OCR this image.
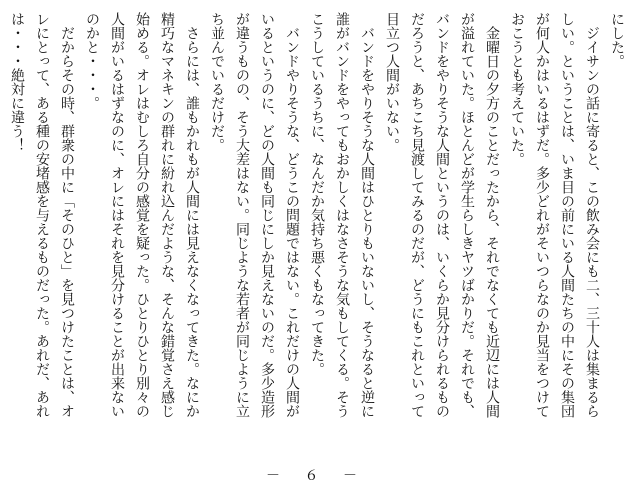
にした。
　ジイサンの話に寄ると、この飲み会にも二、三十人は集まるら
しい。ということは、いま目の前にいる人間たちの中にその集団
が何人かはいるはずだ。多少どれがそいつらなのか見当をつけて
おこうとも考えていた。
　金曜日の夕方のことだったから、それでなくても近辺には人間
が溢れていた。ほとんどが学生らしきヤツばかりだ。それでも、
バンドをやりそうな人間というのは、いくらか見分けられるもの
だろうと、あちこち見渡してみるのだが、どうにもこれといって
目立つ人間がいない。
　バンドをやりそうな人間はひとりもいないし、そうなると逆に
誰がバンドをやってもおかしくはなさそうな気もしてくる。そう
こうしているうちに、なんだか気持ち悪くもなってきた。
　バンドやりそうな、どうこの問題ではない。これだけの人間が
いるというのに、どの人間も同じにしか見えないのだ。多少造形
が違うものの、そう大差はない。同じような若者が同じように立
ち並んでいるだけだ。
　さらには、誰もかれもが人間には見えなくなってきた。なにか
精巧なマネキンの群れに紛れ込んだような、そんな錯覚さえ感じ
始める。オレはむしろ自分の感覚を疑った。ひとりひとり別々の
人間がいるはずなのに、オレにはそれを見分けることが出来ない
のかと・・・。
　だからその時、群衆の中に「そのひと」を見つけたことは、オ
レにとって、ある種の安堵感を与えるものだった。あれだ、あれ
は・・・絶対に違う！
－ ６ －
